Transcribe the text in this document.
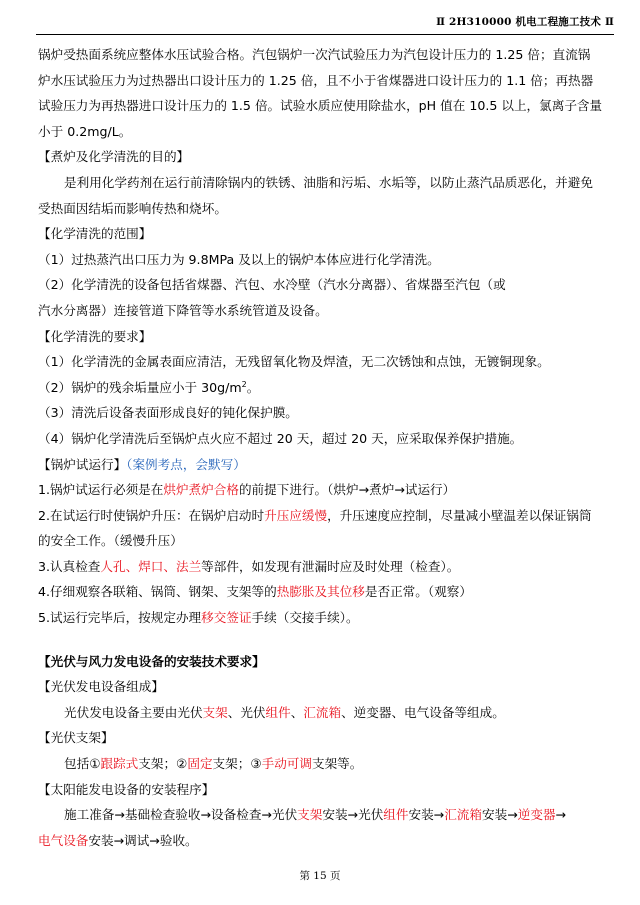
Ⅱ 2H310000 机电工程施工技术 Ⅱ
锅炉受热面系统应整体水压试验合格。汽包锅炉一次汽试验压力为汽包设计压力的 1.25 倍；直流锅
炉水压试验压力为过热器出口设计压力的 1.25 倍，且不小于省煤器进口设计压力的 1.1 倍；再热器
试验压力为再热器进口设计压力的 1.5 倍。试验水质应使用除盐水，pH 值在 10.5 以上，氯离子含量
小于 0.2mg/L。
【煮炉及化学清洗的目的】
是利用化学药剂在运行前清除锅内的铁锈、油脂和污垢、水垢等，以防止蒸汽品质恶化，并避免
受热面因结垢而影响传热和烧坏。
【化学清洗的范围】
（1）过热蒸汽出口压力为 9.8MPa 及以上的锅炉本体应进行化学清洗。
（2）化学清洗的设备包括省煤器、汽包、水冷壁（汽水分离器）、省煤器至汽包（或
汽水分离器）连接管道下降管等水系统管道及设备。
【化学清洗的要求】
（1）化学清洗的金属表面应清洁，无残留氧化物及焊渣，无二次锈蚀和点蚀，无镀铜现象。
（2）锅炉的残余垢量应小于 $30g/m^2$。
（3）清洗后设备表面形成良好的钝化保护膜。
（4）锅炉化学清洗后至锅炉点火应不超过 20 天，超过 20 天，应采取保养保护措施。
【锅炉试运行】（案例考点，会默写）
1.锅炉试运行必须是在烘炉煮炉合格的前提下进行。（烘炉→煮炉→试运行）
2.在试运行时使锅炉升压：在锅炉启动时升压应缓慢，升压速度应控制，尽量减小壁温差以保证锅筒
的安全工作。（缓慢升压）
3.认真检查人孔、焊口、法兰等部件，如发现有泄漏时应及时处理（检查）。
4.仔细观察各联箱、锅筒、钢架、支架等的热膨胀及其位移是否正常。（观察）
5.试运行完毕后，按规定办理移交签证手续（交接手续）。
【光伏与风力发电设备的安装技术要求】
【光伏发电设备组成】
光伏发电设备主要由光伏支架、光伏组件、汇流箱、逆变器、电气设备等组成。
【光伏支架】
包括①跟踪式支架；②固定支架；③手动可调支架等。
【太阳能发电设备的安装程序】
施工准备→基础检查验收→设备检查→光伏支架安装→光伏组件安装→汇流箱安装→逆变器→
电气设备安装→调试→验收。
第 15 页
